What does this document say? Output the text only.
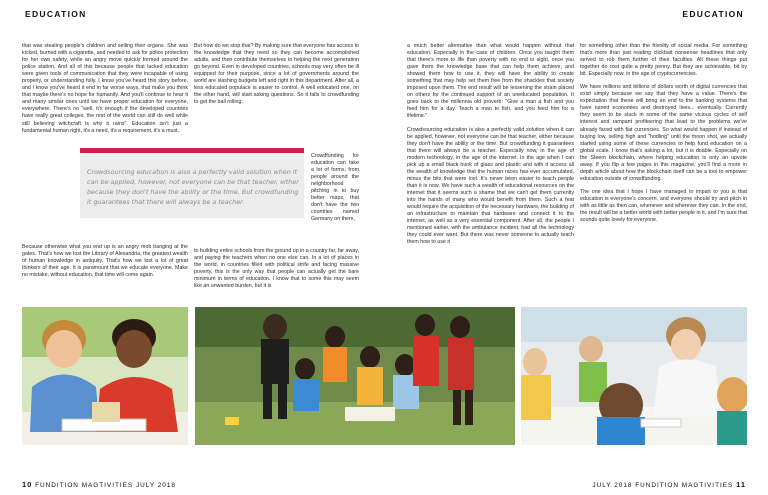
EDUCATION	EDUCATION
that was stealing people's children and selling their organs. She was kicked, burned with a cigarette, and needed to ask for police protection for her own safety, while an angry move quickly formed around the police station. And all of this because people that lacked education were given tools of communication that they were incapable of using properly, or understanding fully. I know you've heard this story before, and I know you've heard it end in far worse ways, that make you think that maybe there's no hope for humanity. And you'll continue to hear it and many similar ones until we have proper education for everyone, everywhere. There's no "well, it's enough if the developed countries have really great colleges, the rest of the world can still do well while still believing witchcraft is why it rains". Education isn't just a fundamental human right, it's a need, it's a requirement, it's a must.
Because otherwise what you end up is an angry mob banging at the gates. That's how we lost the Library of Alexandria, the greatest wealth of human knowledge in antiquity. That's how we lost a lot of great thinkers of their age. It is paramount that we educate everyone. Make no mistake, without education, that time will come again.
But how do we stop that? By making sure that everyone has access to the knowledge that they need so they can become accomplished adults, and then contribute themselves to helping the next generation go beyond. Even in developed countries, schools may very often be ill equipped for their purpose, since a lot of governments around the world are slashing budgets left and right in this department. After all, a less educated populace is easier to control. A well educated one, on the other hand, will start asking questions. So it falls to crowdfunding to get the ball rolling.
Crowdfunding for education can take a lot of forms, from people around the neighborhood pitching in to buy better maps, that don't have the two countries named Germany on them,
to building entire schools from the ground up in a country far, far away, and paying the teachers when no one else can. In a lot of places in the world, in countries filled with political strife and facing massive poverty, this is the only way that people can actually get the bare minimum in terms of education. I know that to some this may seem like an unwanted burden, but it is
Crowdsourcing education is also a perfectly valid solution when it can be applied, however, not everyone can be that teacher, either because they don't have the ability or the time. But crowdfunding it guarantees that there will always be a teacher.

a much better alternative than what would happen without that education. Especially in the case of children. Once you taught them that there's more to life than poverty with no end in sight, once you gave them the knowledge base that can help them achieve, and showed them how to use it, they will have the ability to create something that may help set them free from the shackles that society imposed upon them. The end result will be lessening the strain placed on others for the continued support of an uneducated population. It goes back to the millennia old proverb: "Give a man a fish and you feed him for a day. Teach a man to fish, and you feed him for a lifetime."

Crowdsourcing education is also a perfectly valid solution when it can be applied, however, not everyone can be that teacher, either because they don't have the ability or the time. But crowdfunding it guarantees that there will always be a teacher. Especially now, in the age of modern technology, in the age of the internet. In the age when I can pick up a small black hunk of glass and plastic and with it access all the wealth of knowledge that the human races has ever accumulated, minus the bits that were lost. It's never been easier to teach people than it is now. We have such a wealth of educational resources on the internet that it seems such a shame that we can't get them currently into the hands of many who would benefit from them. Such a feat would require the acquisition of the necessary hardware, the building of an infrastructure to maintain that hardware and connect it to the internet, as well as a very essential component. After all, the people I mentioned earlier, with the ambulance incident, had all the technology they could ever want. But there was never someone to actually teach them how to use it

for something other than the frivolity of social media. For something that's more than just reading clickbait nonsense headlines that only served to rob them further of their faculties. All these things put together do cost quite a pretty penny. But they are achievable, bit by bit. Especially now, in the age of cryptocurrencies.

We have millions and billions of dollars worth of digital currencies that exist simply because we say that they have a value. There's the expectation that these will bring an end to the banking systems that have ruined economies and destroyed lives... eventually. Currently they seem to be stuck in some of the same vicious cycles of self interest and rampant profiteering that lead to the problems we've already faced with fiat currencies. So what would happen if instead of buying low, selling high and "hodling" until the moon shot, we actually started using some of these currencies to help fund education on a global scale. I know that's asking a lot, but it is doable. Especially on the Steem blockchain, where helping education is only an upvote away. If you flip a few pages in this magazine, you'll find a more in depth article about how the blockchain itself can be a tool to empower education outside of crowdfunding.

The one idea that I hope I have managed to impart to you is that education is everyone's concern, and everyone should try and pitch in with as little as then can, whenever and wherever they can. In the end, the result will be a better world with better people in it, and I'm sure that sounds quite lovely for everyone.

10 FUNDITION MAGTIVITIES JULY 2018	JULY 2018 FUNDITION MAGTIVITIES 11
